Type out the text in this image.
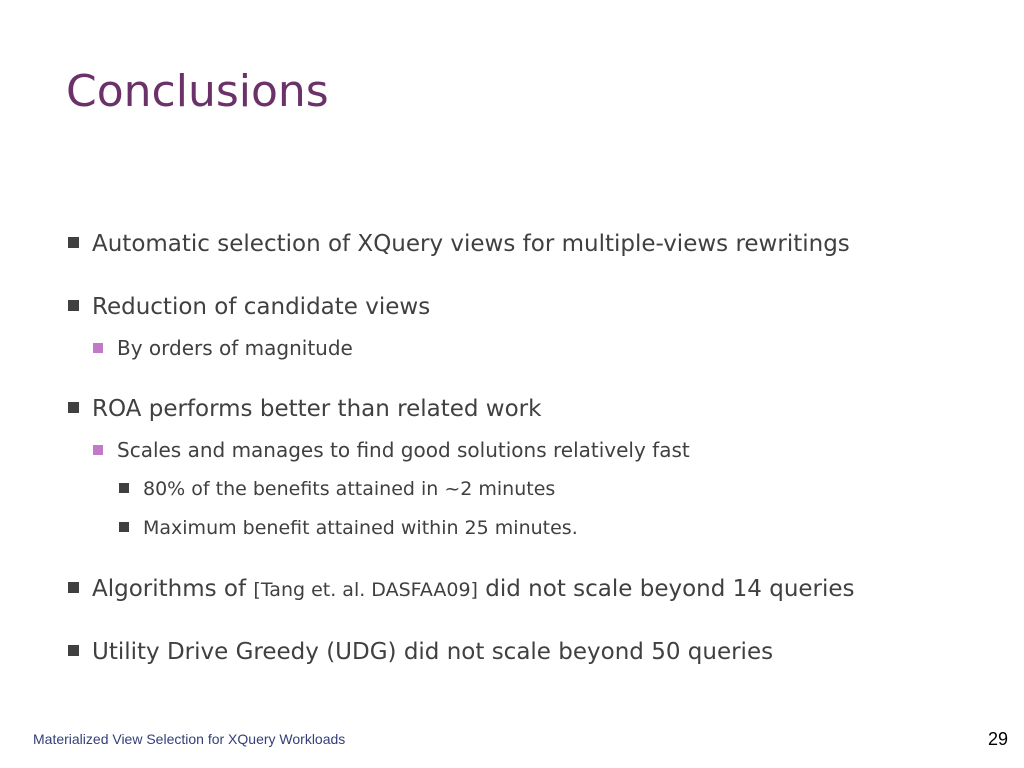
Conclusions
Automatic selection of XQuery views for multiple-views rewritings
Reduction of candidate views
By orders of magnitude
ROA performs better than related work
Scales and manages to find good solutions relatively fast
80% of the benefits attained in ~2 minutes
Maximum benefit attained within 25 minutes.
Algorithms of [Tang et. al. DASFAA09] did not scale beyond 14 queries
Utility Drive Greedy (UDG) did not scale beyond 50 queries
Materialized View Selection for XQuery Workloads	29
